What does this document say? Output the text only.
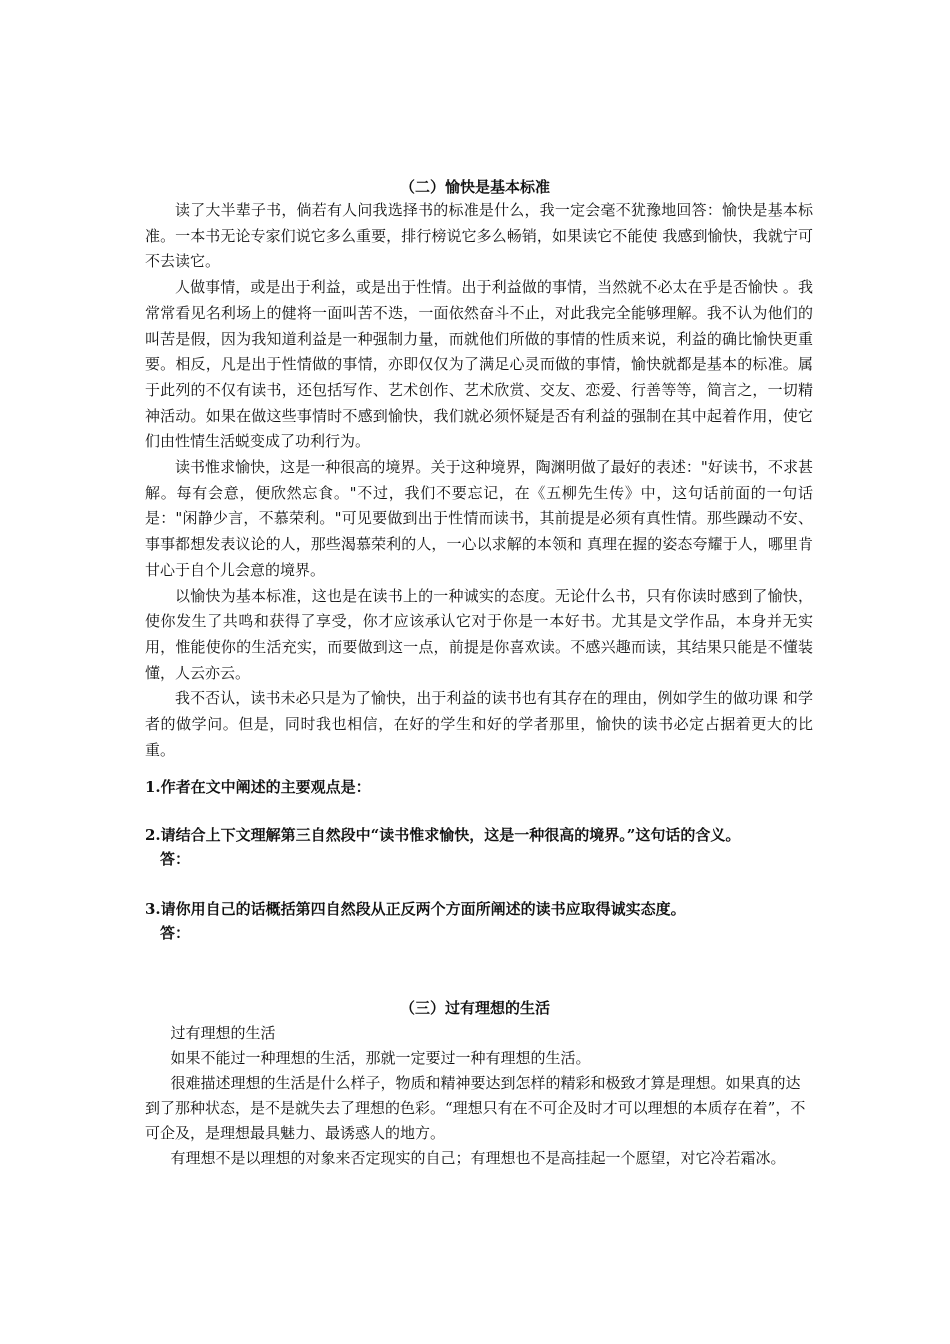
（二）愉快是基本标准

读了大半辈子书，倘若有人问我选择书的标准是什么，我一定会毫不犹豫地回答：愉快是基本标准。一本书无论专家们说它多么重要，排行榜说它多么畅销，如果读它不能使 我感到愉快，我就宁可不去读它。

人做事情，或是出于利益，或是出于性情。出于利益做的事情，当然就不必太在乎是否愉快 。我常常看见名利场上的健将一面叫苦不迭，一面依然奋斗不止，对此我完全能够理解。我不认为他们的叫苦是假，因为我知道利益是一种强制力量，而就他们所做的事情的性质来说，利益的确比愉快更重要。相反，凡是出于性情做的事情，亦即仅仅为了满足心灵而做的事情，愉快就都是基本的标准。属于此列的不仅有读书，还包括写作、艺术创作、艺术欣赏、交友、恋爱、行善等等，简言之，一切精神活动。如果在做这些事情时不感到愉快，我们就必须怀疑是否有利益的强制在其中起着作用，使它们由性情生活蜕变成了功利行为。

读书惟求愉快，这是一种很高的境界。关于这种境界，陶渊明做了最好的表述："好读书，不求甚解。每有会意，便欣然忘食。"不过，我们不要忘记，在《五柳先生传》中，这句话前面的一句话是："闲静少言，不慕荣利。"可见要做到出于性情而读书，其前提是必须有真性情。那些躁动不安、事事都想发表议论的人，那些渴慕荣利的人，一心以求解的本领和 真理在握的姿态夸耀于人，哪里肯甘心于自个儿会意的境界。

以愉快为基本标准，这也是在读书上的一种诚实的态度。无论什么书，只有你读时感到了愉快，使你发生了共鸣和获得了享受，你才应该承认它对于你是一本好书。尤其是文学作品，本身并无实用，惟能使你的生活充实，而要做到这一点，前提是你喜欢读。不感兴趣而读，其结果只能是不懂装懂，人云亦云。

我不否认，读书未必只是为了愉快，出于利益的读书也有其存在的理由，例如学生的做功课 和学者的做学问。但是，同时我也相信，在好的学生和好的学者那里，愉快的读书必定占据着更大的比重。

1.作者在文中阐述的主要观点是：
2.请结合上下文理解第三自然段中“读书惟求愉快，这是一种很高的境界。”这句话的含义。
答：
3.请你用自己的话概括第四自然段从正反两个方面所阐述的读书应取得诚实态度。
答：
（三）过有理想的生活

过有理想的生活

如果不能过一种理想的生活，那就一定要过一种有理想的生活。

很难描述理想的生活是什么样子，物质和精神要达到怎样的精彩和极致才算是理想。如果真的达到了那种状态，是不是就失去了理想的色彩。“理想只有在不可企及时才可以理想的本质存在着”，不可企及，是理想最具魅力、最诱惑人的地方。

有理想不是以理想的对象来否定现实的自己；有理想也不是高挂起一个愿望，对它冷若霜冰。
